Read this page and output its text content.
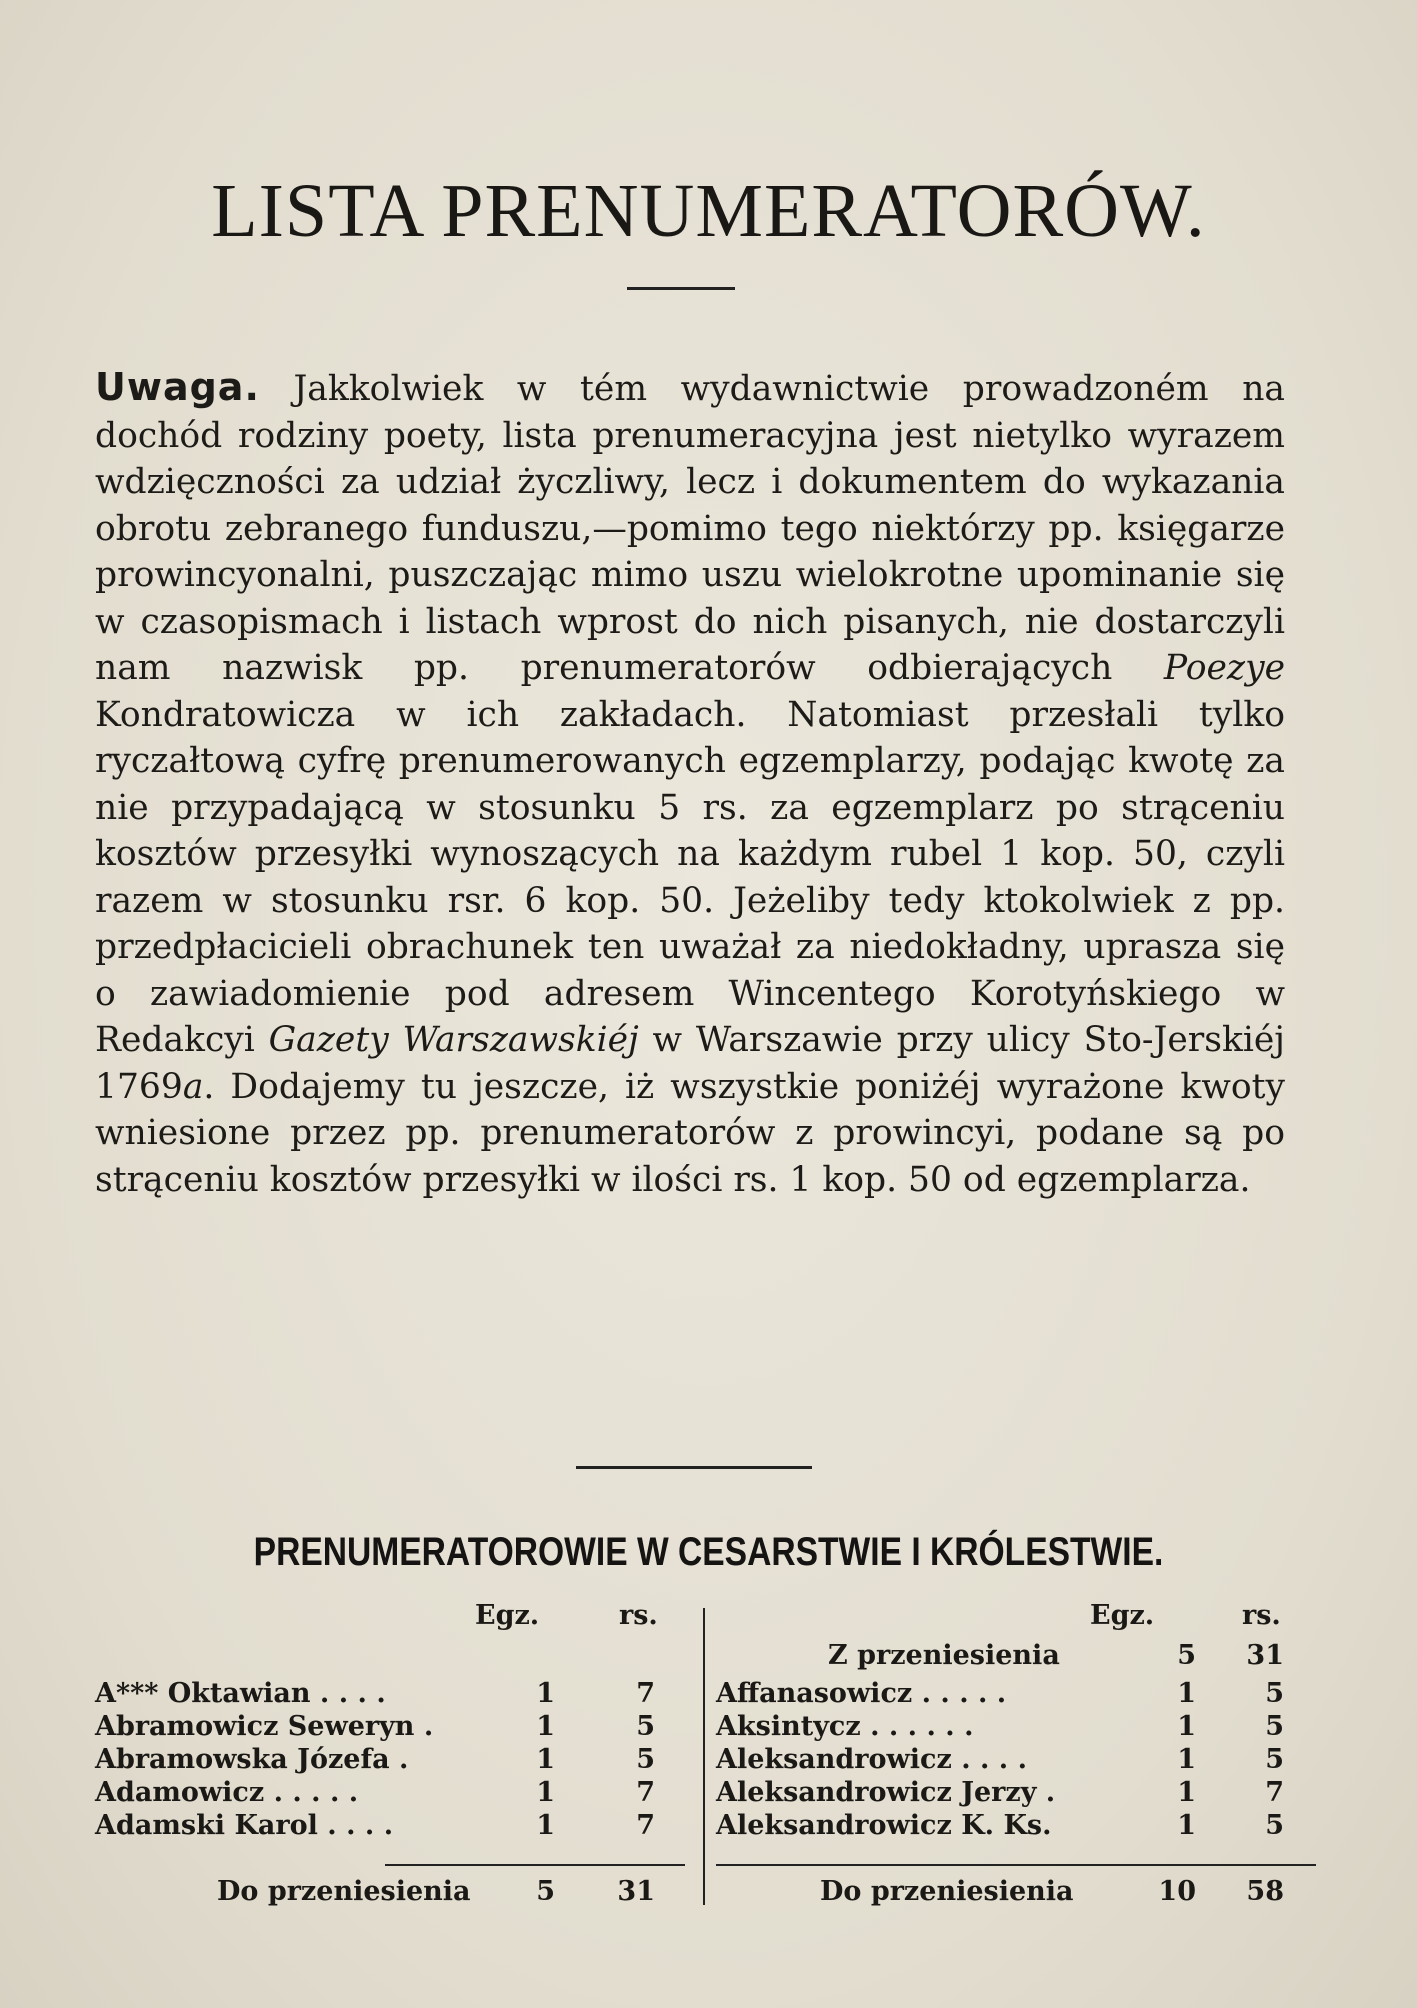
LISTA PRENUMERATORÓW.
Uwaga. Jakkolwiek w tém wydawnictwie prowadzoném na dochód rodziny poety, lista prenumeracyjna jest nietylko wyrazem wdzięczności za udział życzliwy, lecz i dokumentem do wykazania obrotu zebranego funduszu,—pomimo tego niektórzy pp. księgarze prowincyonalni, puszczając mimo uszu wielokrotne upominanie się w czasopismach i listach wprost do nich pisanych, nie dostarczyli nam nazwisk pp. prenumeratorów odbierających Poezye Kondratowicza w ich zakładach. Natomiast przesłali tylko ryczałtową cyfrę prenumerowanych egzemplarzy, podając kwotę za nie przypadającą w stosunku 5 rs. za egzemplarz po strąceniu kosztów przesyłki wynoszących na każdym rubel 1 kop. 50, czyli razem w stosunku rsr. 6 kop. 50. Jeżeliby tedy ktokolwiek z pp. przedpłacicieli obrachunek ten uważał za niedokładny, uprasza się o zawiadomienie pod adresem Wincentego Korotyńskiego w Redakcyi Gazety Warszawskiéj w Warszawie przy ulicy Sto-Jerskiéj 1769a. Dodajemy tu jeszcze, iż wszystkie poniżéj wyrażone kwoty wniesione przez pp. prenumeratorów z prowincyi, podane są po strąceniu kosztów przesyłki w ilości rs. 1 kop. 50 od egzemplarza.
PRENUMERATOROWIE W CESARSTWIE I KRÓLESTWIE.
Egz.	rs.
A*** Oktawian . . . .	1	7
Abramowicz Seweryn .	1	5
Abramowska Józefa .	1	5
Adamowicz . . . . .	1	7
Adamski Karol . . . .	1	7
Do przeniesienia	5	31
Egz.	rs.
Z przeniesienia	5	31
Affanasowicz . . . . .	1	5
Aksintycz . . . . . .	1	5
Aleksandrowicz . . . .	1	5
Aleksandrowicz Jerzy .	1	7
Aleksandrowicz K. Ks.	1	5
Do przeniesienia	10	58
